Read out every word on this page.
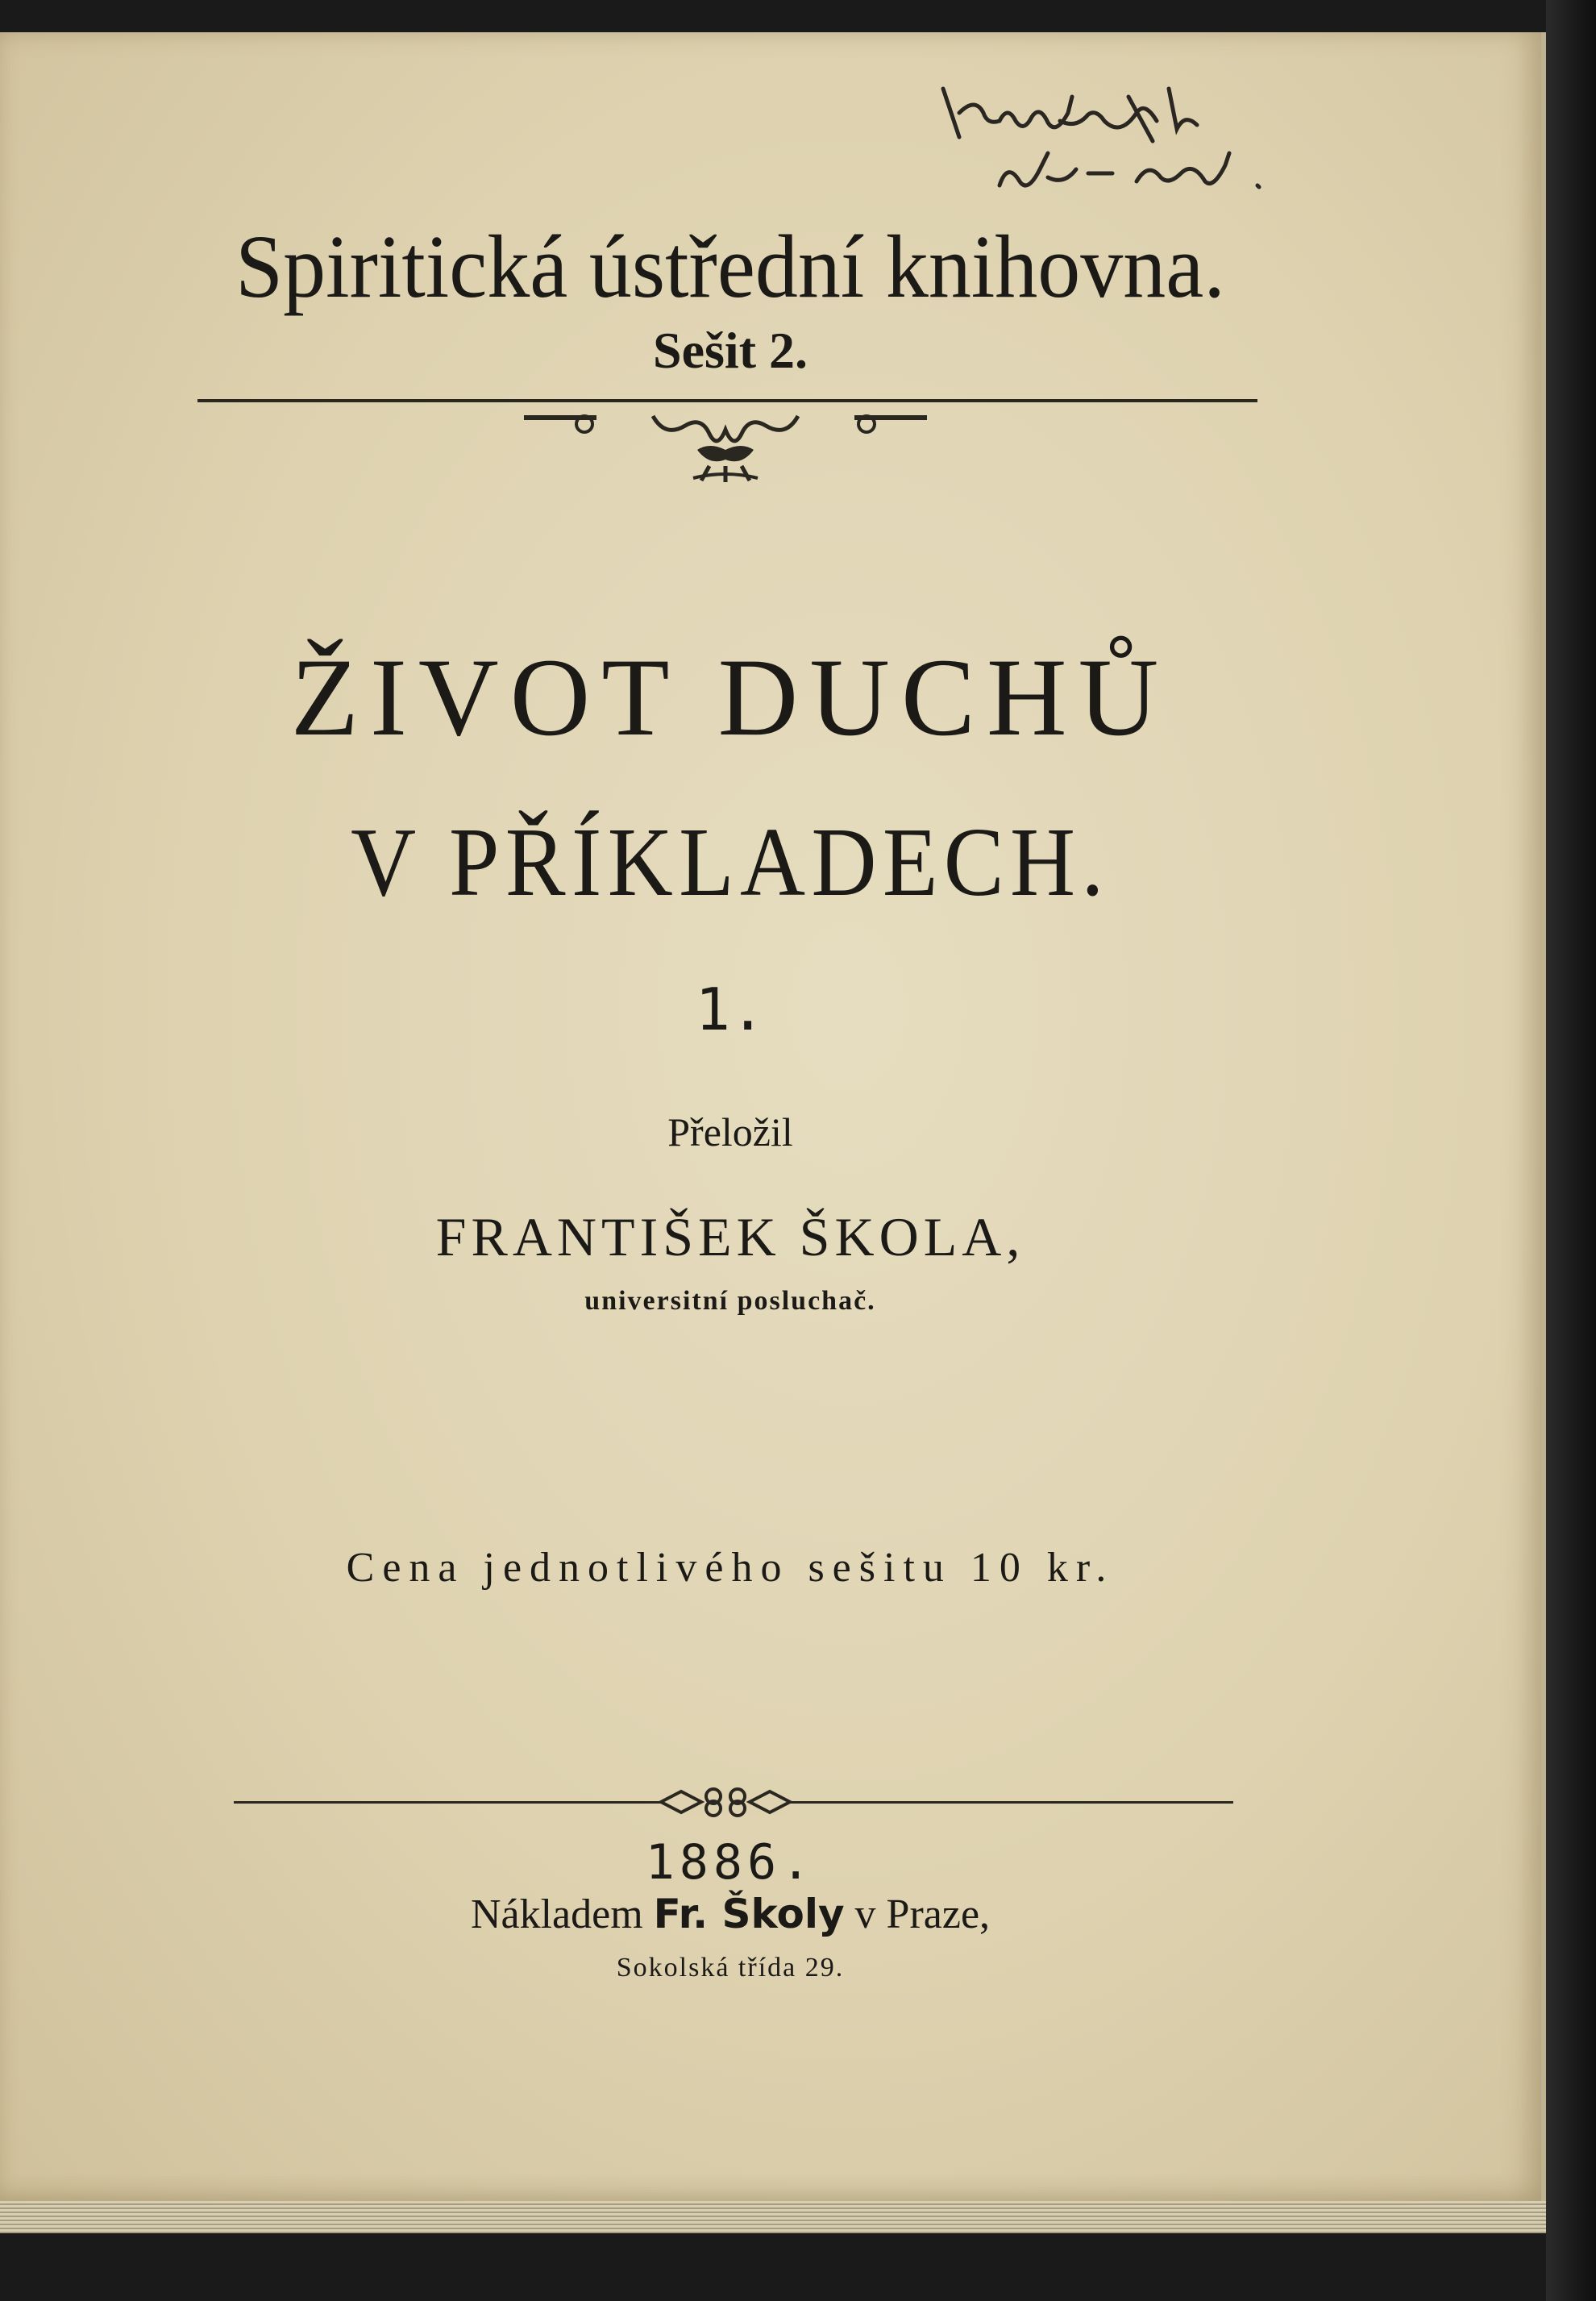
Spiritická ústřední knihovna.
Sešit 2.
ŽIVOT DUCHŮ
V PŘÍKLADECH.
1.
Přeložil
FRANTIŠEK ŠKOLA,
universitní posluchač.
Cena jednotlivého sešitu 10 kr.
1886.
Nákladem Fr. Školy v Praze,
Sokolská třída 29.
